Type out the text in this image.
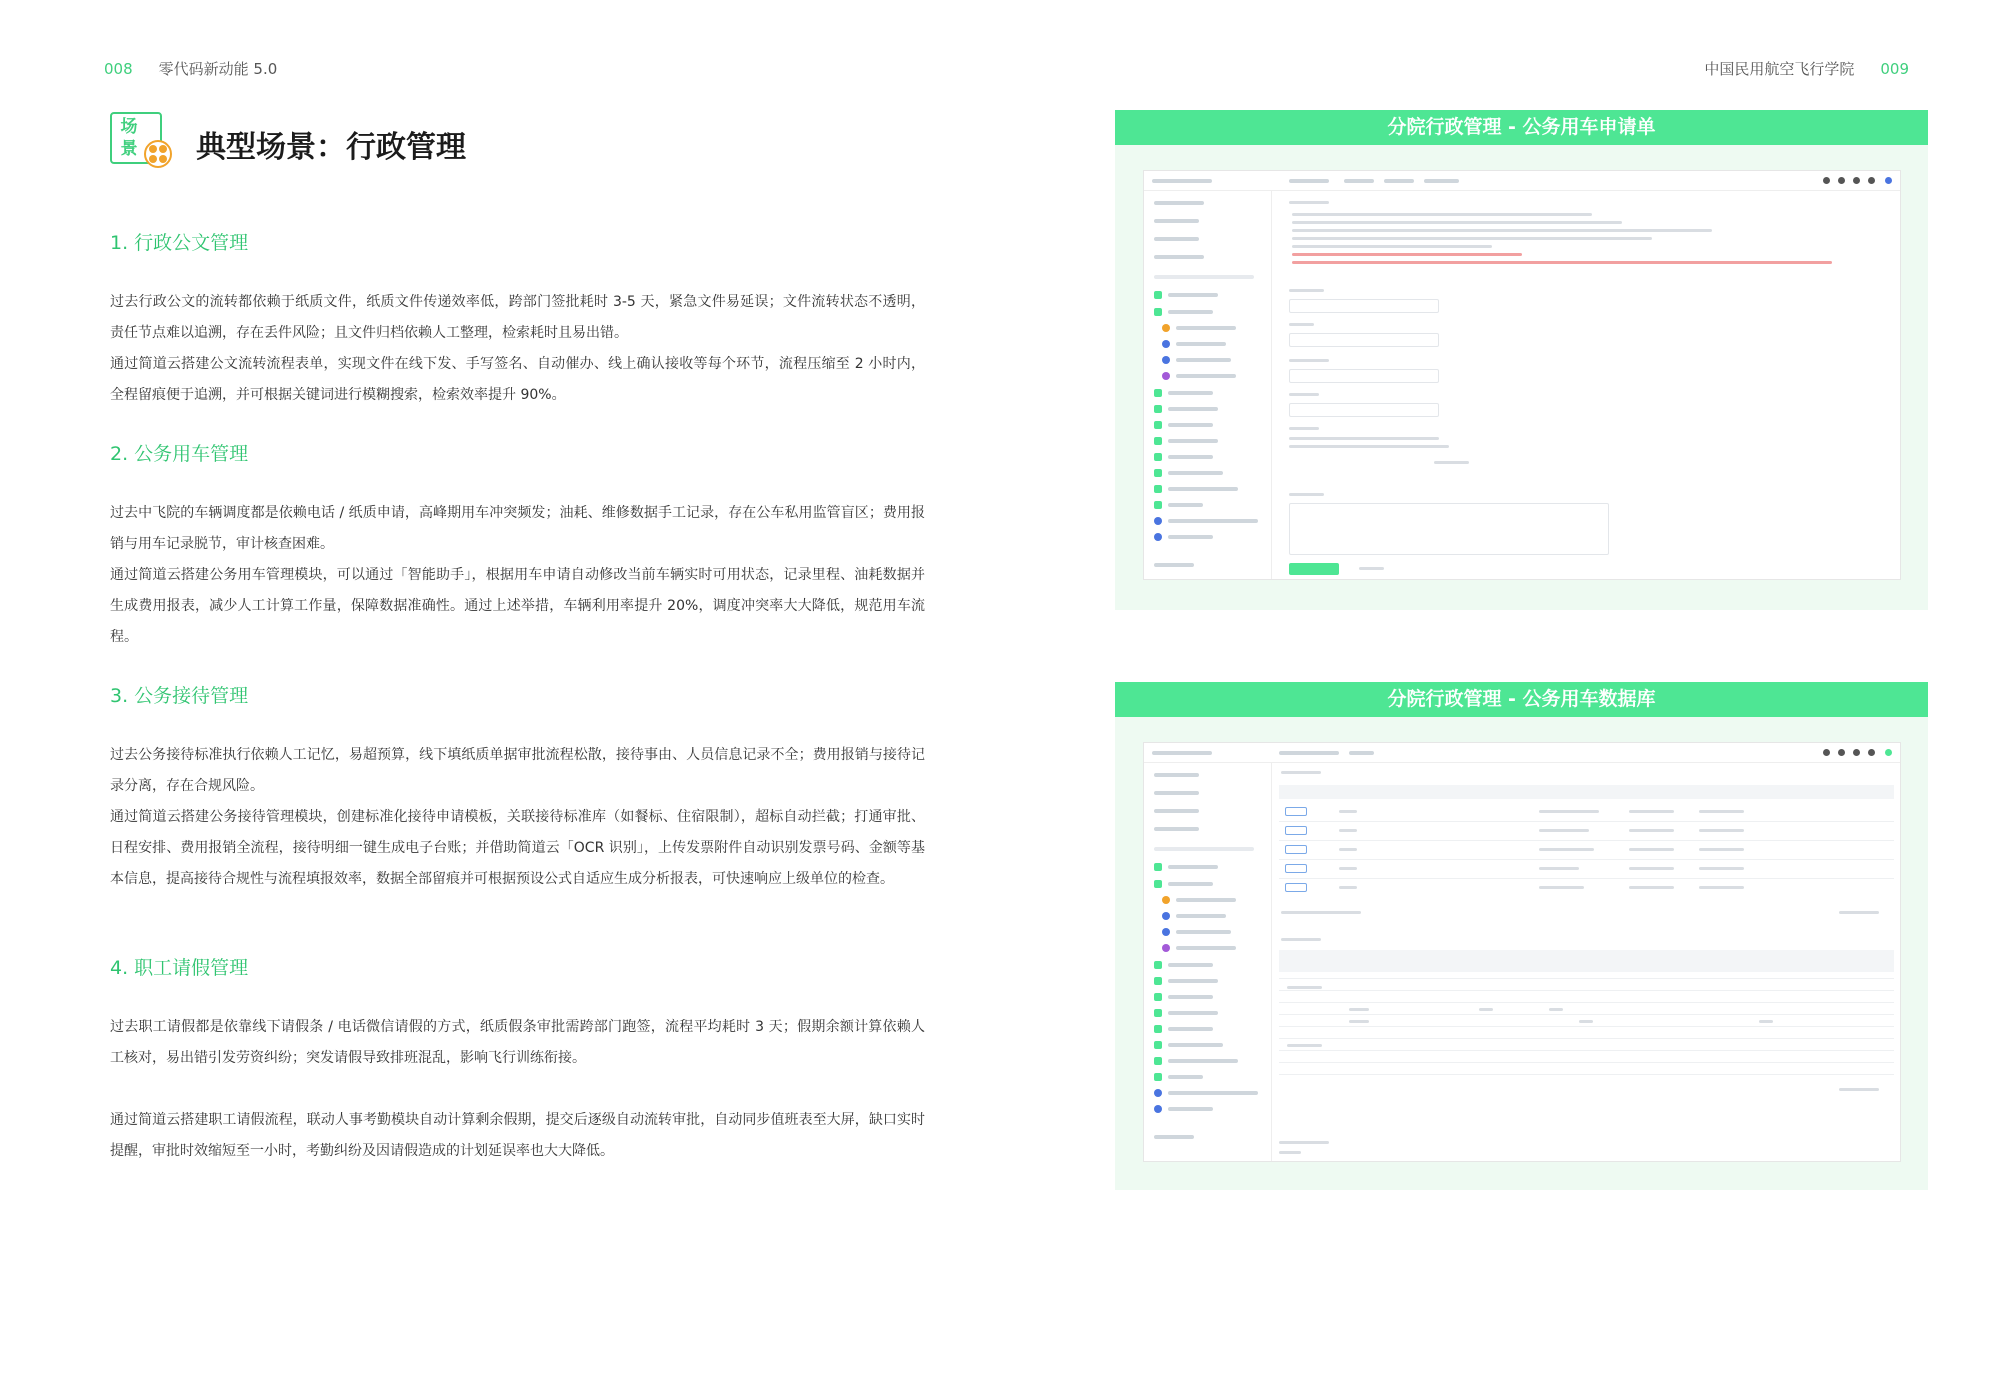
008 零代码新动能 5.0	中国民用航空飞行学院 009
场
景 典型场景：行政管理
1. 行政公文管理

过去行政公文的流转都依赖于纸质文件，纸质文件传递效率低，跨部门签批耗时 3-5 天，紧急文件易延误；文件流转状态不透明，责任节点难以追溯，存在丢件风险；且文件归档依赖人工整理，检索耗时且易出错。

通过简道云搭建公文流转流程表单，实现文件在线下发、手写签名、自动催办、线上确认接收等每个环节，流程压缩至 2 小时内，全程留痕便于追溯，并可根据关键词进行模糊搜索，检索效率提升 90%。

2. 公务用车管理

过去中飞院的车辆调度都是依赖电话 / 纸质申请，高峰期用车冲突频发；油耗、维修数据手工记录，存在公车私用监管盲区；费用报销与用车记录脱节，审计核查困难。

通过简道云搭建公务用车管理模块，可以通过「智能助手」，根据用车申请自动修改当前车辆实时可用状态，记录里程、油耗数据并生成费用报表，减少人工计算工作量，保障数据准确性。通过上述举措，车辆利用率提升 20%，调度冲突率大大降低，规范用车流程。

3. 公务接待管理

过去公务接待标准执行依赖人工记忆，易超预算，线下填纸质单据审批流程松散，接待事由、人员信息记录不全；费用报销与接待记录分离，存在合规风险。

通过简道云搭建公务接待管理模块，创建标准化接待申请模板，关联接待标准库（如餐标、住宿限制），超标自动拦截；打通审批、日程安排、费用报销全流程，接待明细一键生成电子台账；并借助简道云「OCR 识别」，上传发票附件自动识别发票号码、金额等基本信息，提高接待合规性与流程填报效率，数据全部留痕并可根据预设公式自适应生成分析报表，可快速响应上级单位的检查。

4. 职工请假管理

过去职工请假都是依靠线下请假条 / 电话微信请假的方式，纸质假条审批需跨部门跑签，流程平均耗时 3 天；假期余额计算依赖人工核对，易出错引发劳资纠纷；突发请假导致排班混乱，影响飞行训练衔接。

通过简道云搭建职工请假流程，联动人事考勤模块自动计算剩余假期，提交后逐级自动流转审批，自动同步值班表至大屏，缺口实时提醒，审批时效缩短至一小时，考勤纠纷及因请假造成的计划延误率也大大降低。

分院行政管理 - 公务用车申请单
分院行政管理 - 公务用车数据库
